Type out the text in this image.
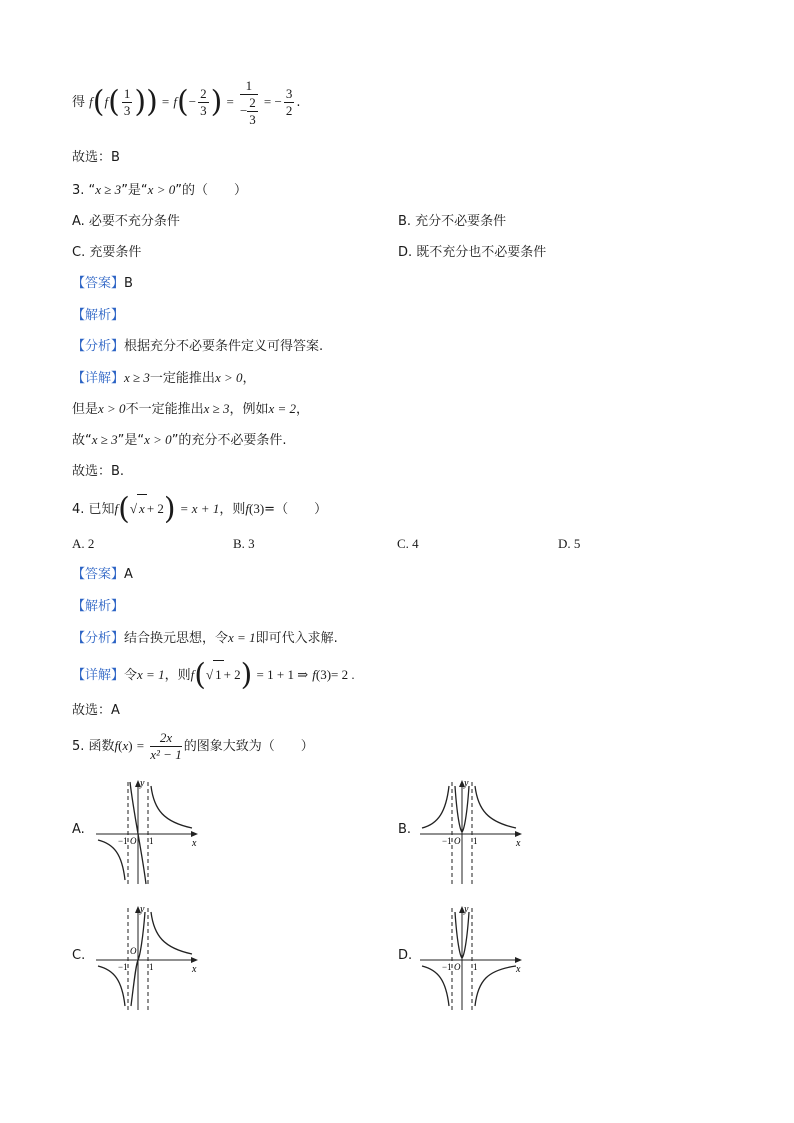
得 $f(f( \frac{1}{3}$ )) = $f(- \frac{2}{3}$ ) = $\frac{1}{- \frac{2}{3}}$ = − $\frac{3}{2}$ .
故选：B
3. “x ≥ 3”是“x > 0”的（　　）
A. 必要不充分条件	B. 充分不必要条件
C. 充要条件	D. 既不充分也不必要条件
【答案】B
【解析】
【分析】根据充分不必要条件定义可得答案.
【详解】x ≥ 3一定能推出x > 0，
但是x > 0不一定能推出x ≥ 3，例如x = 2，
故“x ≥ 3”是“x > 0”的充分不必要条件.
故选：B.
4. 已知f(√ x + 2) = x + 1，则f(3)=（　　）
A. 2	B. 3	C. 4	D. 5
【答案】A
【解析】
【分析】结合换元思想，令x = 1即可代入求解.
【详解】令x = 1，则f(√ 1 + 2) = 1 + 1 ⇒ f(3)= 2 .
故选：A
5. 函数$f(x) = \frac{2x}{\text{x² − 1}}$ 的图象大致为（　　）
A.	B.
C.	D.
y
x
O
−1 1
y
x
O
−1 1
y
x
O
−1 1
y
x
O
−1 1
